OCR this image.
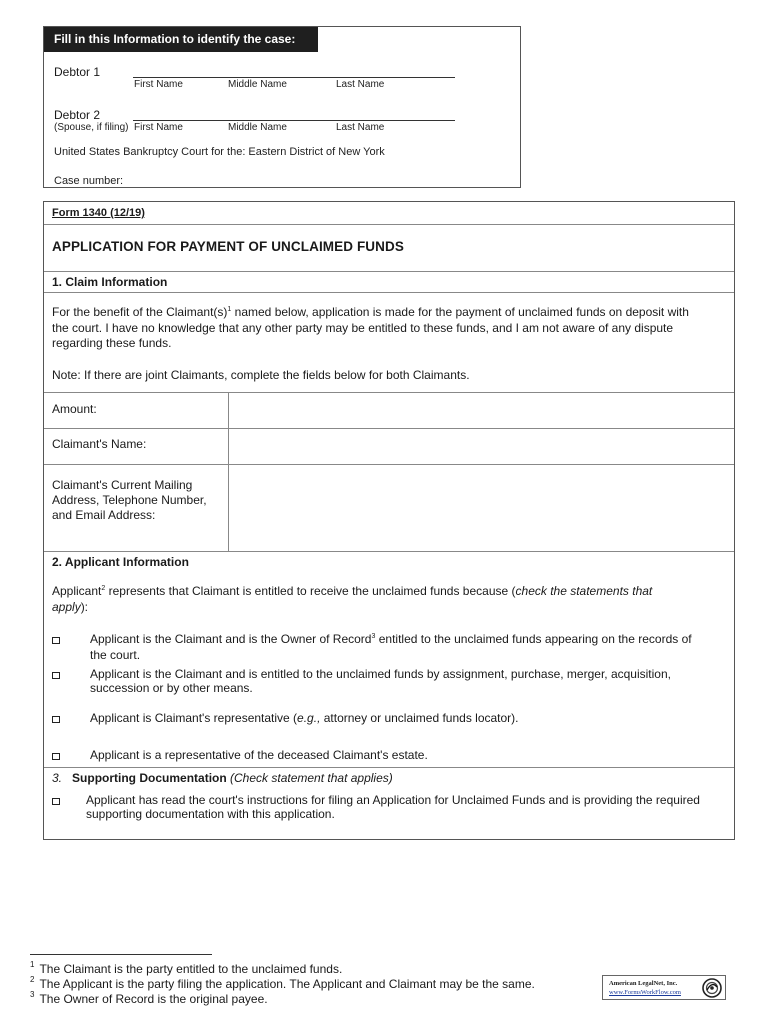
Fill in this Information to identify the case:
Debtor 1
First Name	Middle Name	Last Name
Debtor 2
(Spouse, if filing) First Name	Middle Name	Last Name
United States Bankruptcy Court for the: Eastern District of New York
Case number:
Form 1340 (12/19)
APPLICATION FOR PAYMENT OF UNCLAIMED FUNDS
1. Claim Information
For the benefit of the $Claimant(s)^1$ named below, application is made for the payment of unclaimed funds on deposit with
the court. I have no knowledge that any other party may be entitled to these funds, and I am not aware of any dispute
regarding these funds.
Note: If there are joint Claimants, complete the fields below for both Claimants.
Amount:
Claimant's Name:
Claimant's Current Mailing
Address, Telephone Number,
and Email Address:
2. Applicant Information
Applicant$^2$ represents that Claimant is entitled to receive the unclaimed funds because (check the statements that
apply):
Applicant is the Claimant and is the Owner of Record$^3$ entitled to the unclaimed funds appearing on the records of
the court.
Applicant is the Claimant and is entitled to the unclaimed funds by assignment, purchase, merger, acquisition,
succession or by other means.
Applicant is Claimant's representative (e.g., attorney or unclaimed funds locator).
Applicant is a representative of the deceased Claimant's estate.
3. Supporting Documentation (Check statement that applies)
Applicant has read the court's instructions for filing an Application for Unclaimed Funds and is providing the required
supporting documentation with this application.
$^1$ The Claimant is the party entitled to the unclaimed funds.
$^2$ The Applicant is the party filing the application. The Applicant and Claimant may be the same.
$^3$ The Owner of Record is the original payee.
American LegalNet, Inc.
www.FormsWorkFlow.com
